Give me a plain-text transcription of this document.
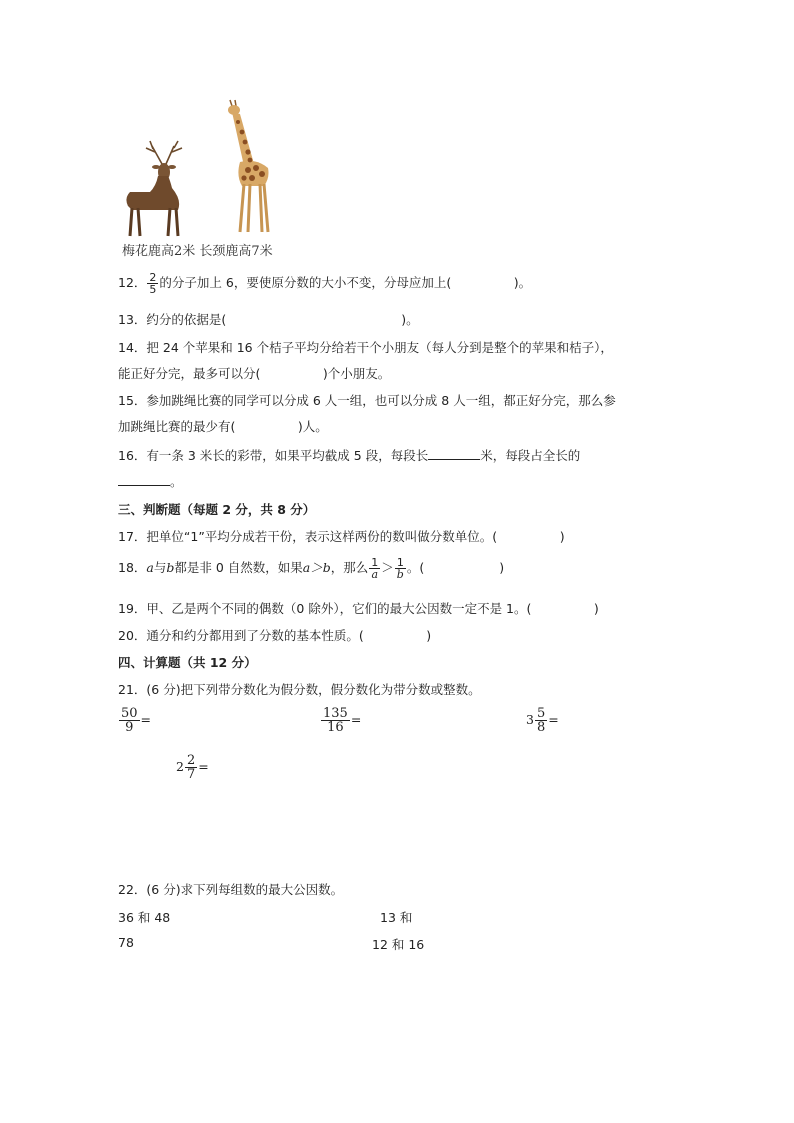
梅花鹿高2米 长颈鹿高7米
12． $\frac{2}{5}$ 的分子加上 6，要使原分数的大小不变，分母应加上(　　　　　)。
13．约分的依据是(　　　　　　　　　　　　　　)。
14．把 24 个苹果和 16 个桔子平均分给若干个小朋友（每人分到是整个的苹果和桔子），
能正好分完，最多可以分(　　　　　)个小朋友。
15．参加跳绳比赛的同学可以分成 6 人一组，也可以分成 8 人一组，都正好分完，那么参
加跳绳比赛的最少有(　　　　　)人。
16．有一条 3 米长的彩带，如果平均截成 5 段，每段长	米，每段占全长的
。
三、判断题（每题 2 分，共 8 分）
17．把单位“1”平均分成若干份，表示这样两份的数叫做分数单位。(　　　　　)
18．a与b都是非 0 自然数，如果a＞b，那么 $\frac{1}{a} > \frac{1}{b}$ 。(　　　　　　)
19．甲、乙是两个不同的偶数（0 除外），它们的最大公因数一定不是 1。(　　　　　)
20．通分和约分都用到了分数的基本性质。(　　　　　)
四、计算题（共 12 分）
21．(6 分)把下列带分数化为假分数，假分数化为带分数或整数。
$\frac{50}{9}$ =	$\frac{135}{16}$ =	$3 \frac{5}{8}$ =
$2 \frac{2}{7}$ =
22．(6 分)求下列每组数的最大公因数。
36 和 48	13 和
78	12 和 16
